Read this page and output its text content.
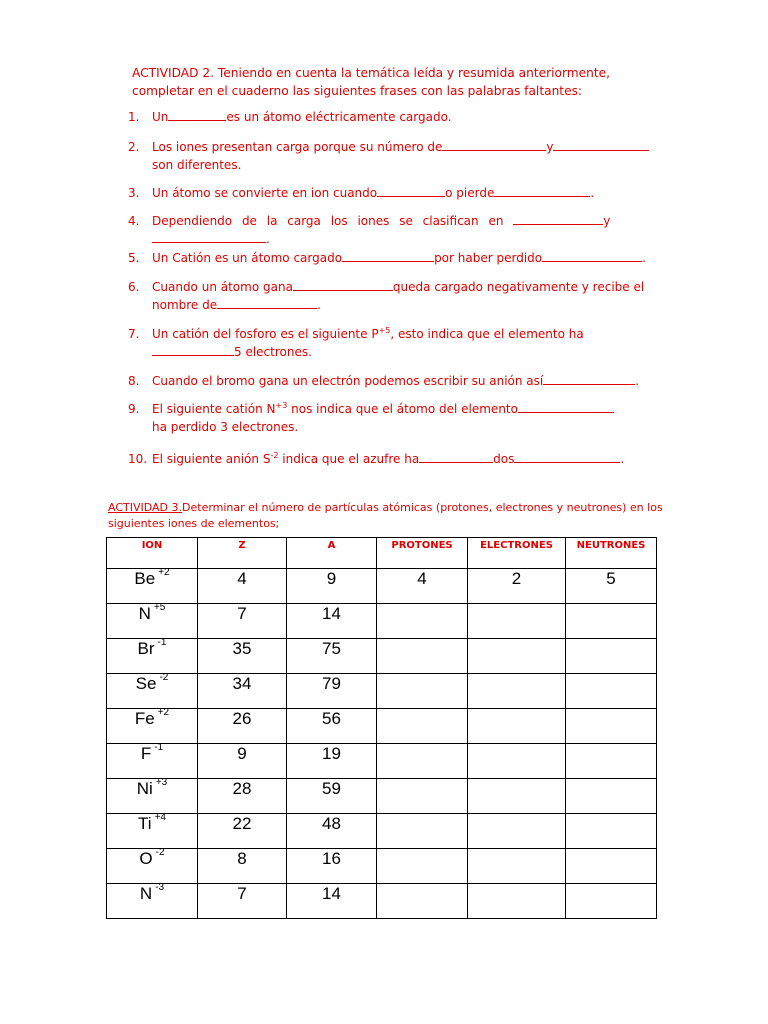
ACTIVIDAD 2. Teniendo en cuenta la temática leída y resumida anteriormente, completar en el cuaderno las siguientes frases con las palabras faltantes:
1. Un	es un átomo eléctricamente cargado.
2. Los iones presentan carga porque su número de	y
son diferentes.
3. Un átomo se convierte en ion cuando	o pierde	.
4. Dependiendo de la carga los iones se clasifican en	y
.
5. Un Catión es un átomo cargado	por haber perdido	.
6. Cuando un átomo gana	queda cargado negativamente y recibe el nombre de	.
7. Un catión del fosforo es el siguiente $P^{+5}$, esto indica que el elemento ha
5 electrones.
8. Cuando el bromo gana un electrón podemos escribir su anión así	.
9. El siguiente catión $N^{+3}$ nos indica que el átomo del elemento
ha perdido 3 electrones.
10. El siguiente anión $S^{-2}$ indica que el azufre ha	dos	.
ACTIVIDAD 3.Determinar el número de partículas atómicas (protones, electrones y neutrones) en los siguientes iones de elementos;
ION	Z	A	PROTONES	ELECTRONES	NEUTRONES
Be $^{+2}$	4	9	4	2	5
N $^{+5}$	7	14			
Br $^{-1}$	35	75			
Se $^{-2}$	34	79			
Fe $^{+2}$	26	56			
F $^{-1}$	9	19			
Ni $^{+3}$	28	59			
Ti $^{+4}$	22	48			
O $^{-2}$	8	16			
N $^{-3}$	7	14			
